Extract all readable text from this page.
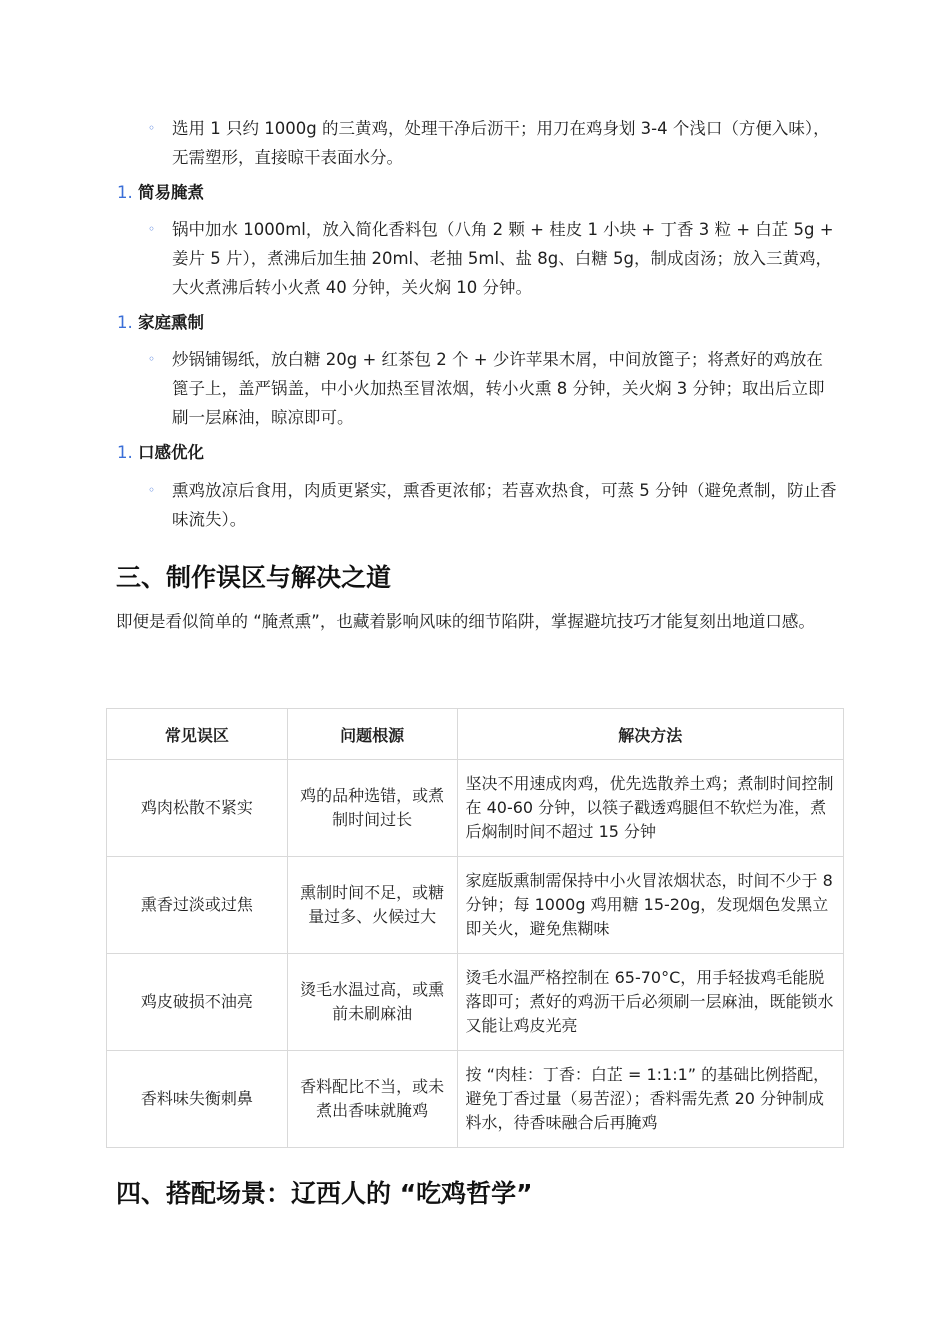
◦ 选用 1 只约 1000g 的三黄鸡，处理干净后沥干；用刀在鸡身划 3-4 个浅口（方便入味），无需塑形，直接晾干表面水分。
1. 简易腌煮
◦ 锅中加水 1000ml，放入简化香料包（八角 2 颗 + 桂皮 1 小块 + 丁香 3 粒 + 白芷 5g + 姜片 5 片），煮沸后加生抽 20ml、老抽 5ml、盐 8g、白糖 5g，制成卤汤；放入三黄鸡，大火煮沸后转小火煮 40 分钟，关火焖 10 分钟。
1. 家庭熏制
◦ 炒锅铺锡纸，放白糖 20g + 红茶包 2 个 + 少许苹果木屑，中间放篦子；将煮好的鸡放在篦子上，盖严锅盖，中小火加热至冒浓烟，转小火熏 8 分钟，关火焖 3 分钟；取出后立即刷一层麻油，晾凉即可。
1. 口感优化
◦ 熏鸡放凉后食用，肉质更紧实，熏香更浓郁；若喜欢热食，可蒸 5 分钟（避免煮制，防止香味流失）。
三、制作误区与解决之道
即便是看似简单的 “腌煮熏”，也藏着影响风味的细节陷阱，掌握避坑技巧才能复刻出地道口感。
常见误区	问题根源	解决方法
鸡肉松散不紧实	鸡的品种选错，或煮制时间过长	坚决不用速成肉鸡，优先选散养土鸡；煮制时间控制在 40-60 分钟，以筷子戳透鸡腿但不软烂为准，煮后焖制时间不超过 15 分钟
熏香过淡或过焦	熏制时间不足，或糖量过多、火候过大	家庭版熏制需保持中小火冒浓烟状态，时间不少于 8 分钟；每 1000g 鸡用糖 15-20g，发现烟色发黑立即关火，避免焦糊味
鸡皮破损不油亮	烫毛水温过高，或熏前未刷麻油	烫毛水温严格控制在 65-70°C，用手轻拔鸡毛能脱落即可；煮好的鸡沥干后必须刷一层麻油，既能锁水又能让鸡皮光亮
香料味失衡刺鼻	香料配比不当，或未煮出香味就腌鸡	按 “肉桂：丁香：白芷 = 1:1:1” 的基础比例搭配，避免丁香过量（易苦涩）；香料需先煮 20 分钟制成料水，待香味融合后再腌鸡
四、搭配场景：辽西人的 “吃鸡哲学”
